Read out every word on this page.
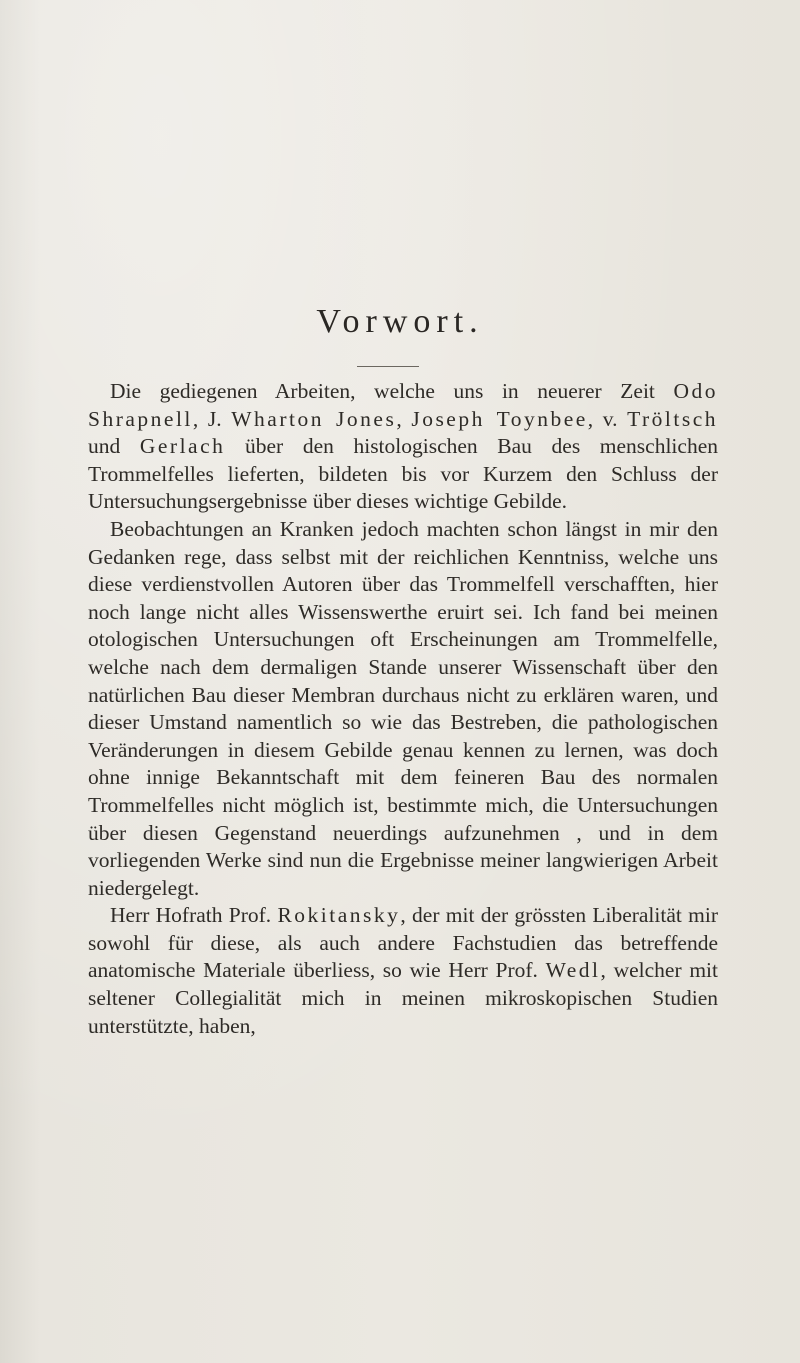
Vorwort.

Die gediegenen Arbeiten, welche uns in neuerer Zeit Odo Shrapnell, J. Wharton Jones, Joseph Toynbee, v. Tröltsch und Gerlach über den histologischen Bau des menschlichen Trommelfelles lieferten, bildeten bis vor Kurzem den Schluss der Untersuchungsergebnisse über dieses wichtige Gebilde.

Beobachtungen an Kranken jedoch machten schon längst in mir den Gedanken rege, dass selbst mit der reichlichen Kenntniss, welche uns diese verdienstvollen Autoren über das Trommelfell verschafften, hier noch lange nicht alles Wissenswerthe eruirt sei. Ich fand bei meinen otologischen Untersuchungen oft Erscheinungen am Trommelfelle, welche nach dem dermaligen Stande unserer Wissenschaft über den natürlichen Bau dieser Membran durchaus nicht zu erklären waren, und dieser Umstand namentlich so wie das Bestreben, die pathologischen Veränderungen in diesem Gebilde genau kennen zu lernen, was doch ohne innige Bekanntschaft mit dem feineren Bau des normalen Trommelfelles nicht möglich ist, bestimmte mich, die Untersuchungen über diesen Gegenstand neuerdings aufzunehmen , und in dem vorliegenden Werke sind nun die Ergebnisse meiner langwierigen Arbeit niedergelegt.

Herr Hofrath Prof. Rokitansky, der mit der grössten Liberalität mir sowohl für diese, als auch andere Fachstudien das betreffende anatomische Materiale überliess, so wie Herr Prof. Wedl, welcher mit seltener Collegialität mich in meinen mikroskopischen Studien unterstützte, haben,
